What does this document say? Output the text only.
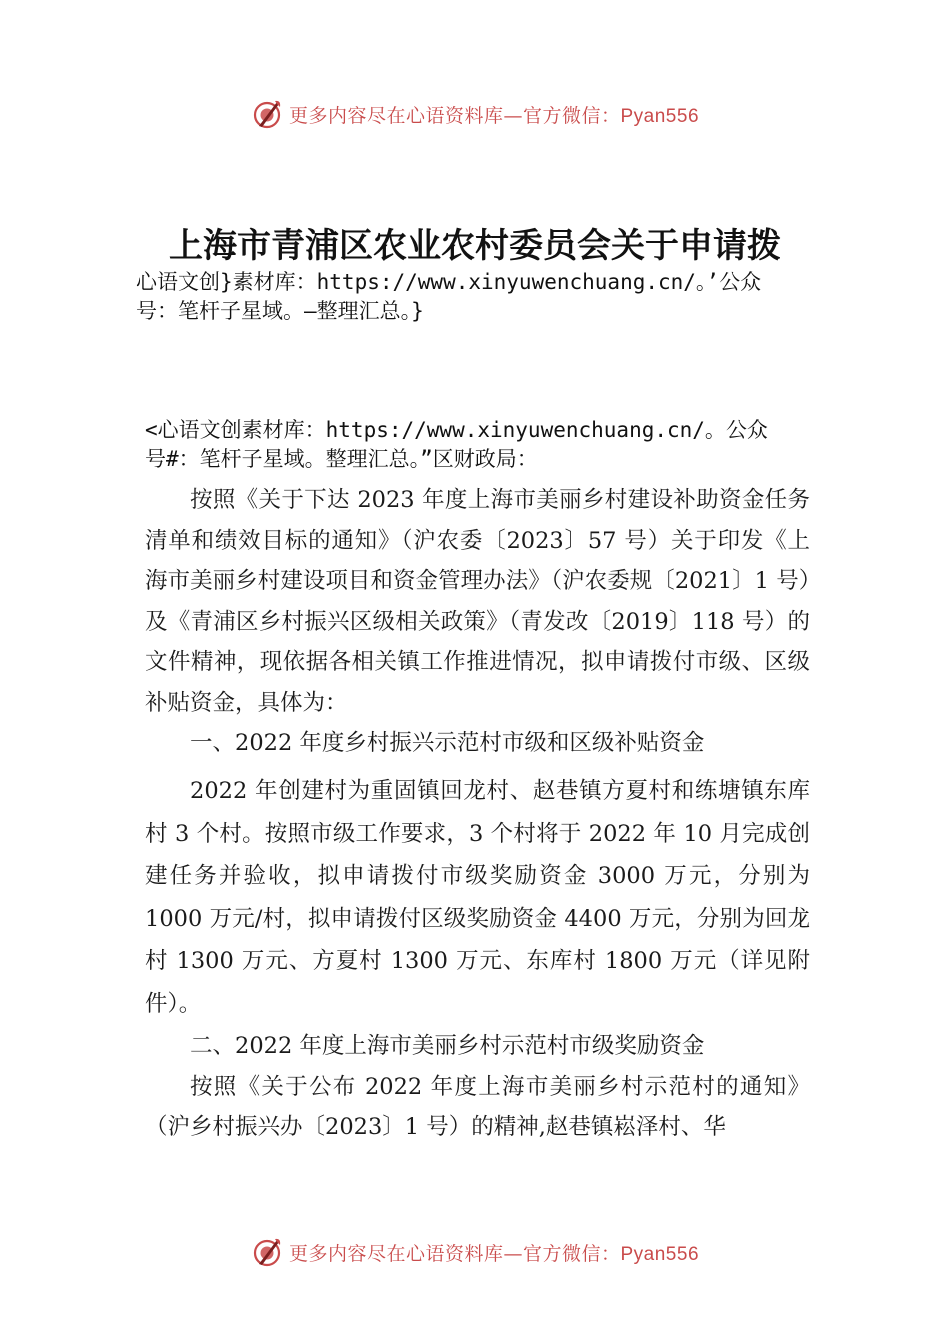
更多内容尽在心语资料库—官方微信：Pyan556
上海市青浦区农业农村委员会关于申请拨
心语文创}素材库：https://www.xinyuwenchuang.cn/。’公众
号：笔杆子星域。—整理汇总。}
<心语文创素材库：https://www.xinyuwenchuang.cn/。公众
号#：笔杆子星域。整理汇总。”区财政局：

按照《关于下达 2023 年度上海市美丽乡村建设补助资金任务清单和绩效目标的通知》（沪农委〔2023〕57 号）关于印发《上海市美丽乡村建设项目和资金管理办法》（沪农委规〔2021〕1 号）及《青浦区乡村振兴区级相关政策》（青发改〔2019〕118 号）的文件精神，现依据各相关镇工作推进情况，拟申请拨付市级、区级补贴资金，具体为：

一、2022 年度乡村振兴示范村市级和区级补贴资金

2022 年创建村为重固镇回龙村、赵巷镇方夏村和练塘镇东库村 3 个村。按照市级工作要求，3 个村将于 2022 年 10 月完成创建任务并验收，拟申请拨付市级奖励资金 3000 万元，分别为 1000 万元/村，拟申请拨付区级奖励资金 4400 万元，分别为回龙村 1300 万元、方夏村 1300 万元、东库村 1800 万元（详见附件）。

二、2022 年度上海市美丽乡村示范村市级奖励资金

按照《关于公布 2022 年度上海市美丽乡村示范村的通知》（沪乡村振兴办〔2023〕1 号）的精神,赵巷镇崧泽村、华

更多内容尽在心语资料库—官方微信：Pyan556
